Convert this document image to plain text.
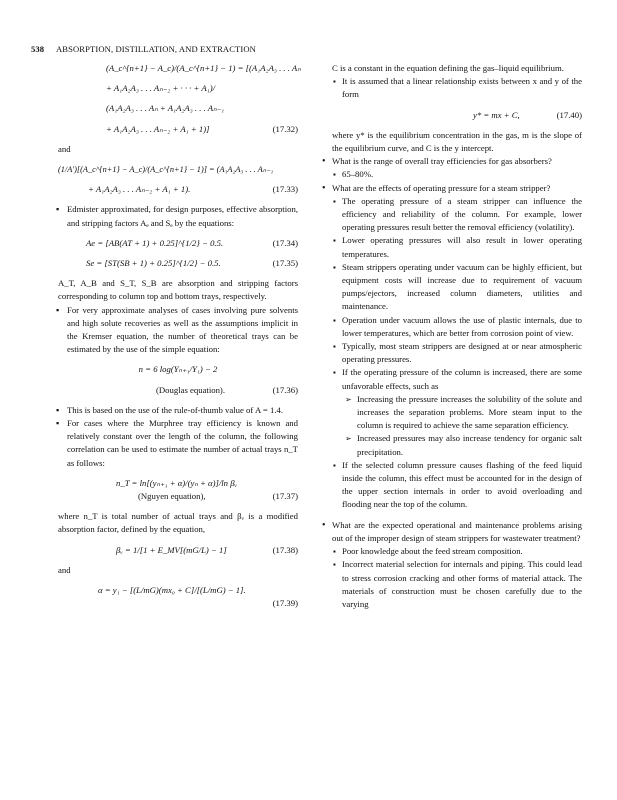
538 ABSORPTION, DISTILLATION, AND EXTRACTION
(A_c^{n+1} − A_c)/(A_c^{n+1} − 1) = [(A₁A₂A₃ . . . Aₙ
+ A₁A₂A₃ . . . Aₙ₋₂ + · · · + A₁)/
(A₁A₂A₃ . . . Aₙ + A₁A₂A₃ . . . Aₙ₋₁
+ A₁A₂A₃ . . . Aₙ₋₂ + A₁ + 1)]	(17.32)
and
(1/A′)[(A_c^{n+1} − A_c)/(A_c^{n+1} − 1)] = (A₁A₂A₃ . . . Aₙ₋₁
+ A₁A₂A₃ . . . Aₙ₋₂ + A₁ + 1).	(17.33)
▪ Edmister approximated, for design purposes, effective absorption, and stripping factors Aₑ and Sₑ by the equations:
Ae = [AB(AT + 1) + 0.25]^{1/2} − 0.5.	(17.34)
Se = [ST(SB + 1) + 0.25]^{1/2} − 0.5.	(17.35)
A_T, A_B and S_T, S_B are absorption and stripping factors corresponding to column top and bottom trays, respectively.
▪ For very approximate analyses of cases involving pure solvents and high solute recoveries as well as the assumptions implicit in the Kremser equation, the number of theoretical trays can be estimated by the use of the simple equation:
n = 6 log(Yₙ₊₁/Y₁) − 2
(Douglas equation).	(17.36)
▪ This is based on the use of the rule-of-thumb value of A = 1.4.
▪ For cases where the Murphree tray efficiency is known and relatively constant over the length of the column, the following correlation can be used to estimate the number of actual trays n_T as follows:
n_T = ln[(yₙ₊₁ + α)/(yₙ + α)]/ln βᵥ
(Nguyen equation),	(17.37)
where n_T is total number of actual trays and βᵥ is a modified absorption factor, defined by the equation,
βᵥ = 1/[1 + E_MV[(mG/L) − 1]	(17.38)
and
α = y₁ − [(L/mG)(mx₀ + C]/[(L/mG) − 1].
(17.39)
C is a constant in the equation defining the gas–liquid equilibrium.
▪ It is assumed that a linear relationship exists between x and y of the form
y* = mx + C,	(17.40)
where y* is the equilibrium concentration in the gas, m is the slope of the equilibrium curve, and C is the y intercept.
• What is the range of overall tray efficiencies for gas absorbers?
▪ 65–80%.
• What are the effects of operating pressure for a steam stripper?
▪ The operating pressure of a steam stripper can influence the efficiency and reliability of the column. For example, lower operating pressures result better the removal efficiency (volatility).
▪ Lower operating pressures will also result in lower operating temperatures.
▪ Steam strippers operating under vacuum can be highly efficient, but equipment costs will increase due to requirement of vacuum pumps/ejectors, increased column diameters, utilities and maintenance.
▪ Operation under vacuum allows the use of plastic internals, due to lower temperatures, which are better from corrosion point of view.
▪ Typically, most steam strippers are designed at or near atmospheric operating pressures.
▪ If the operating pressure of the column is increased, there are some unfavorable effects, such as
➢ Increasing the pressure increases the solubility of the solute and increases the separation problems. More steam input to the column is required to achieve the same separation efficiency.
➢ Increased pressures may also increase tendency for organic salt precipitation.
▪ If the selected column pressure causes flashing of the feed liquid inside the column, this effect must be accounted for in the design of the upper section internals in order to avoid overloading and flooding near the top of the column.
• What are the expected operational and maintenance problems arising out of the improper design of steam strippers for wastewater treatment?
▪ Poor knowledge about the feed stream composition.
▪ Incorrect material selection for internals and piping. This could lead to stress corrosion cracking and other forms of material attack. The materials of construction must be chosen carefully due to the varying
